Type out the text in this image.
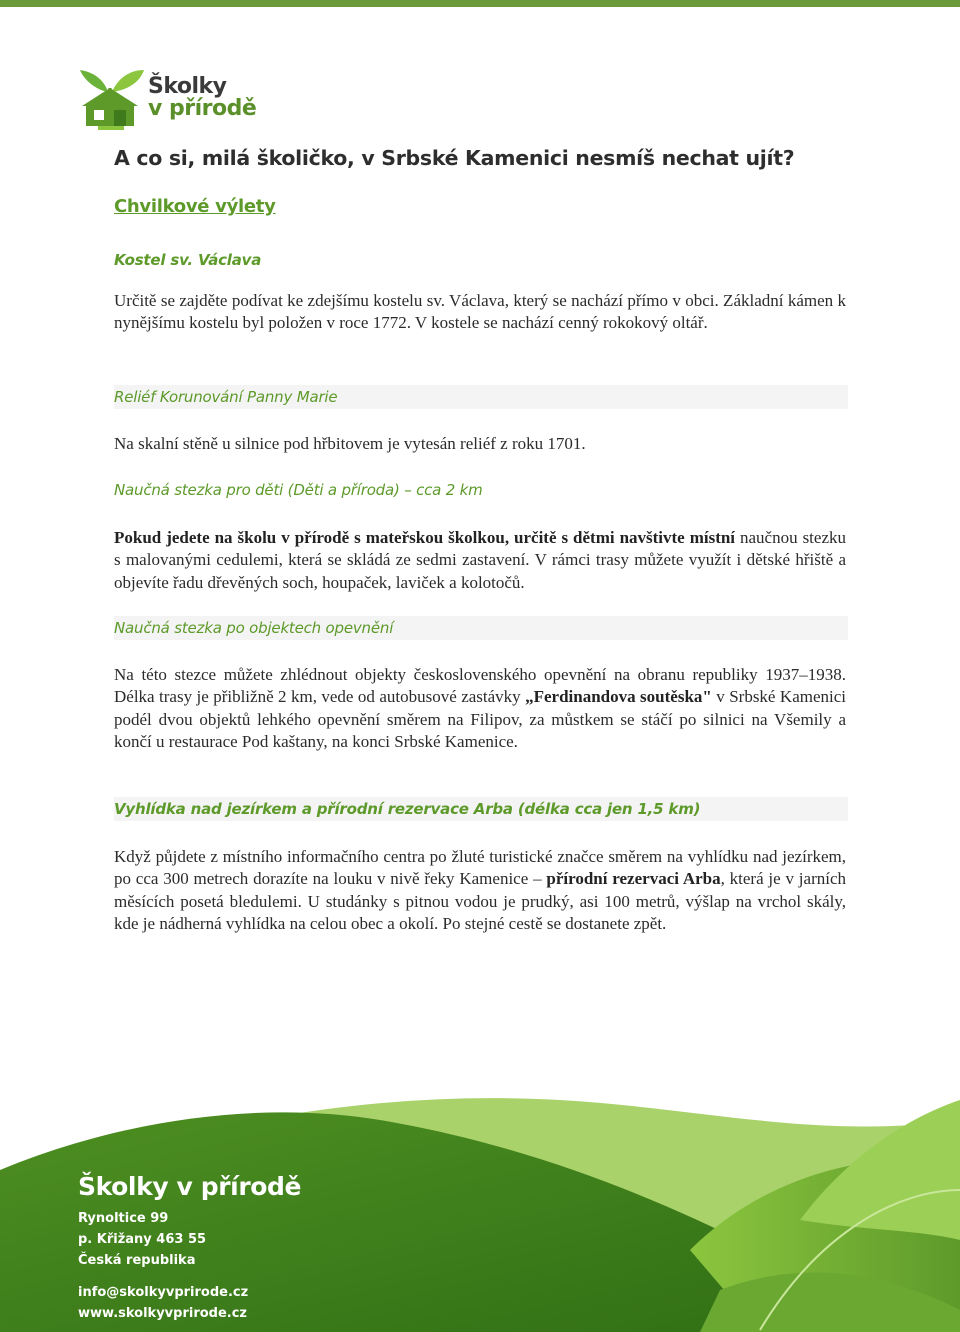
Školky
v přírodě
A co si, milá školičko, v Srbské Kamenici nesmíš nechat ujít?
Chvilkové výlety
Kostel sv. Václava
Určitě se zajděte podívat ke zdejšímu kostelu sv. Václava, který se nachází přímo v obci. Základní kámen k nynějšímu kostelu byl položen v roce 1772. V kostele se nachází cenný rokokový oltář.
Reliéf Korunování Panny Marie
Na skalní stěně u silnice pod hřbitovem je vytesán reliéf z roku 1701.
Naučná stezka pro děti (Děti a příroda) – cca 2 km
Pokud jedete na školu v přírodě s mateřskou školkou, určitě s dětmi navštivte místní naučnou stezku s malovanými cedulemi, která se skládá ze sedmi zastavení. V rámci trasy můžete využít i dětské hřiště a objevíte řadu dřevěných soch, houpaček, laviček a kolotočů.
Naučná stezka po objektech opevnění
Na této stezce můžete zhlédnout objekty československého opevnění na obranu republiky 1937–1938. Délka trasy je přibližně 2 km, vede od autobusové zastávky „Ferdinandova soutěska" v Srbské Kamenici podél dvou objektů lehkého opevnění směrem na Filipov, za můstkem se stáčí po silnici na Všemily a končí u restaurace Pod kaštany, na konci Srbské Kamenice.
Vyhlídka nad jezírkem a přírodní rezervace Arba (délka cca jen 1,5 km)
Když půjdete z místního informačního centra po žluté turistické značce směrem na vyhlídku nad jezírkem, po cca 300 metrech dorazíte na louku v nivě řeky Kamenice – přírodní rezervaci Arba, která je v jarních měsících posetá bledulemi. U studánky s pitnou vodou je prudký, asi 100 metrů, výšlap na vrchol skály, kde je nádherná vyhlídka na celou obec a okolí. Po stejné cestě se dostanete zpět.
Školky v přírodě
Rynoltice 99
p. Křižany 463 55
Česká republika
info@skolkyvprirode.cz
www.skolkyvprirode.cz
